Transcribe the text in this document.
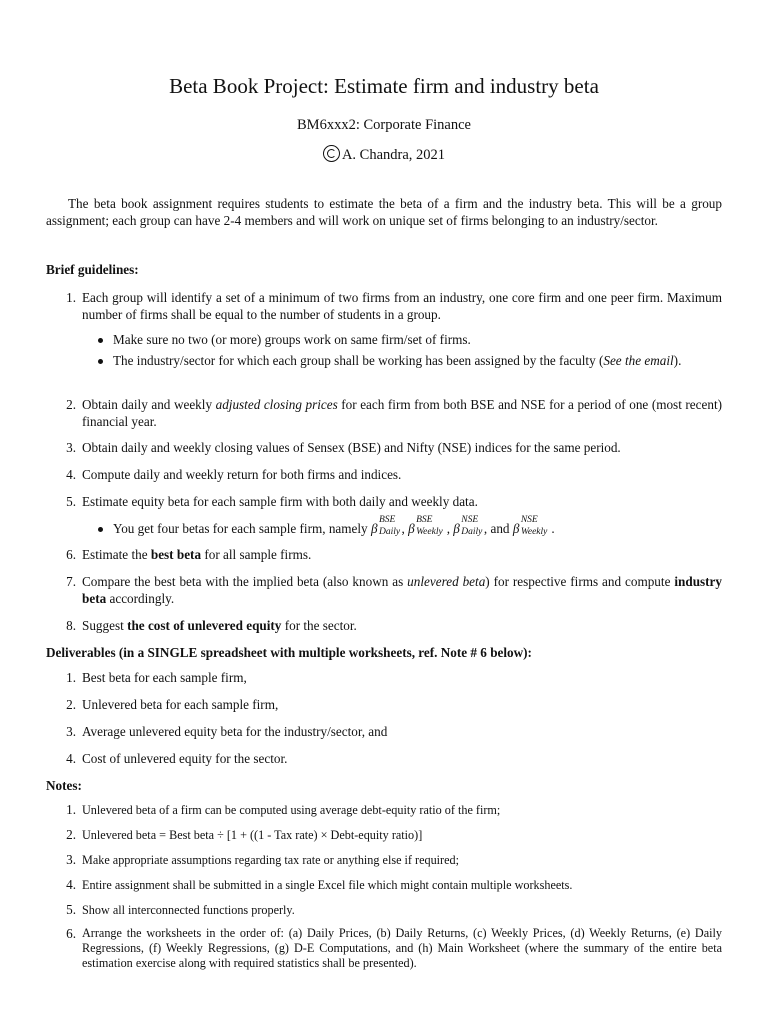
Beta Book Project: Estimate firm and industry beta
BM6xxx2: Corporate Finance
A. Chandra, 2021
The beta book assignment requires students to estimate the beta of a firm and the industry beta. This will be a group assignment; each group can have 2-4 members and will work on unique set of firms belonging to an industry/sector.
Brief guidelines:
1. Each group will identify a set of a minimum of two firms from an industry, one core firm and one peer firm. Maximum number of firms shall be equal to the number of students in a group.
Make sure no two (or more) groups work on same firm/set of firms.
The industry/sector for which each group shall be working has been assigned by the faculty (See the email).
2. Obtain daily and weekly adjusted closing prices for each firm from both BSE and NSE for a period of one (most recent) financial year.
3. Obtain daily and weekly closing values of Sensex (BSE) and Nifty (NSE) indices for the same period.
4. Compute daily and weekly return for both firms and indices.
5. Estimate equity beta for each sample firm with both daily and weekly data.
You get four betas for each sample firm, namely β
BSE
Daily , β
BSE
Weekly , β
NSE
Daily , and β
NSE
Weekly .
6. Estimate the best beta for all sample firms.
7. Compare the best beta with the implied beta (also known as unlevered beta) for respective firms and compute industry beta accordingly.
8. Suggest the cost of unlevered equity for the sector.
Deliverables (in a SINGLE spreadsheet with multiple worksheets, ref. Note # 6 below):
1. Best beta for each sample firm,
2. Unlevered beta for each sample firm,
3. Average unlevered equity beta for the industry/sector, and
4. Cost of unlevered equity for the sector.
Notes:
1. Unlevered beta of a firm can be computed using average debt-equity ratio of the firm;
2. Unlevered beta = Best beta ÷ [1 + ((1 - Tax rate) × Debt-equity ratio)]
3. Make appropriate assumptions regarding tax rate or anything else if required;
4. Entire assignment shall be submitted in a single Excel file which might contain multiple worksheets.
5. Show all interconnected functions properly.
6. Arrange the worksheets in the order of: (a) Daily Prices, (b) Daily Returns, (c) Weekly Prices, (d) Weekly Returns, (e) Daily Regressions, (f) Weekly Regressions, (g) D-E Computations, and (h) Main Worksheet (where the summary of the entire beta estimation exercise along with required statistics shall be presented).
